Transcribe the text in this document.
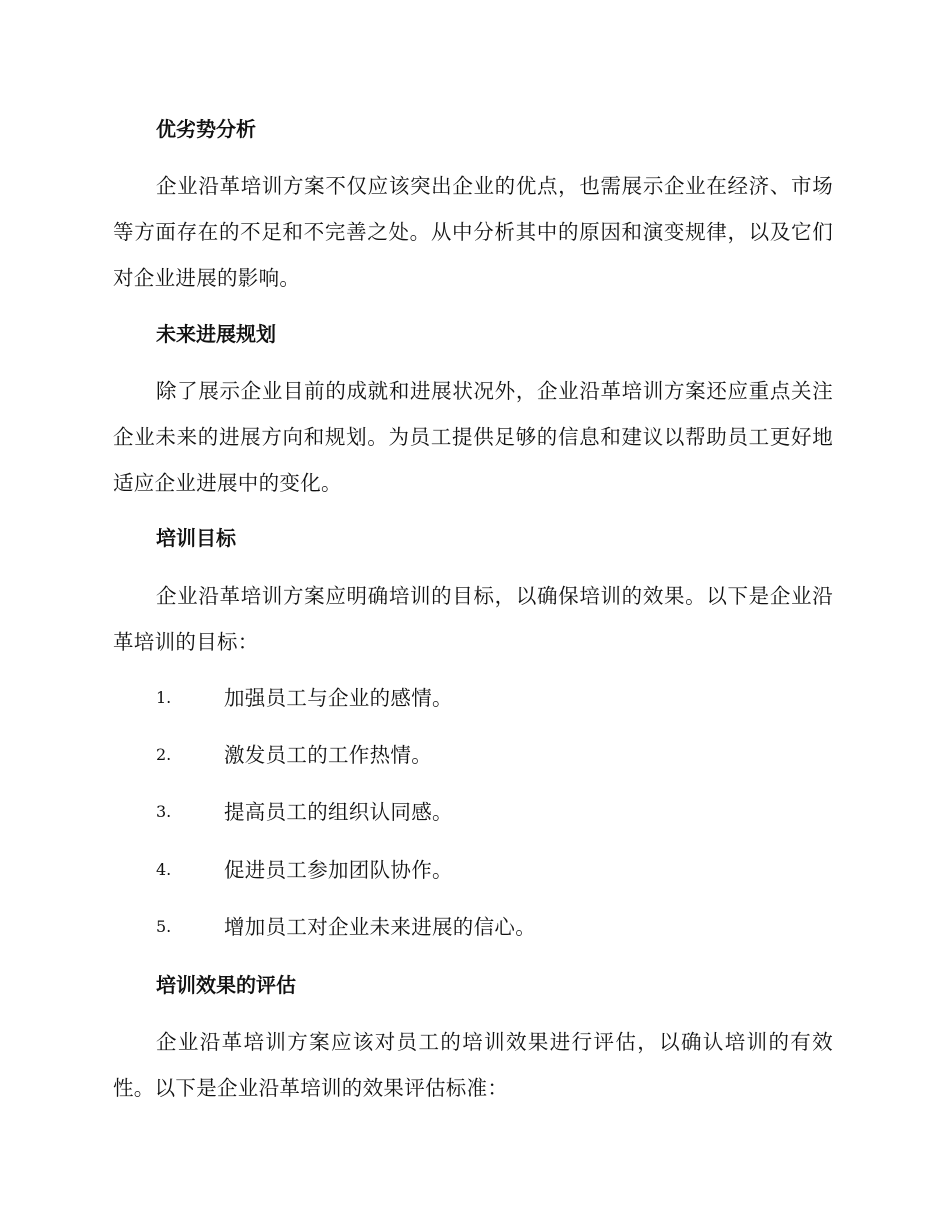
优劣势分析
企业沿革培训方案不仅应该突出企业的优点，也需展示企业在经济、市场等方面存在的不足和不完善之处。从中分析其中的原因和演变规律，以及它们对企业进展的影响。
未来进展规划
除了展示企业目前的成就和进展状况外，企业沿革培训方案还应重点关注企业未来的进展方向和规划。为员工提供足够的信息和建议以帮助员工更好地适应企业进展中的变化。
培训目标
企业沿革培训方案应明确培训的目标，以确保培训的效果。以下是企业沿革培训的目标：
1.	加强员工与企业的感情。
2.	激发员工的工作热情。
3.	提高员工的组织认同感。
4.	促进员工参加团队协作。
5.	增加员工对企业未来进展的信心。
培训效果的评估
企业沿革培训方案应该对员工的培训效果进行评估，以确认培训的有效性。以下是企业沿革培训的效果评估标准：
